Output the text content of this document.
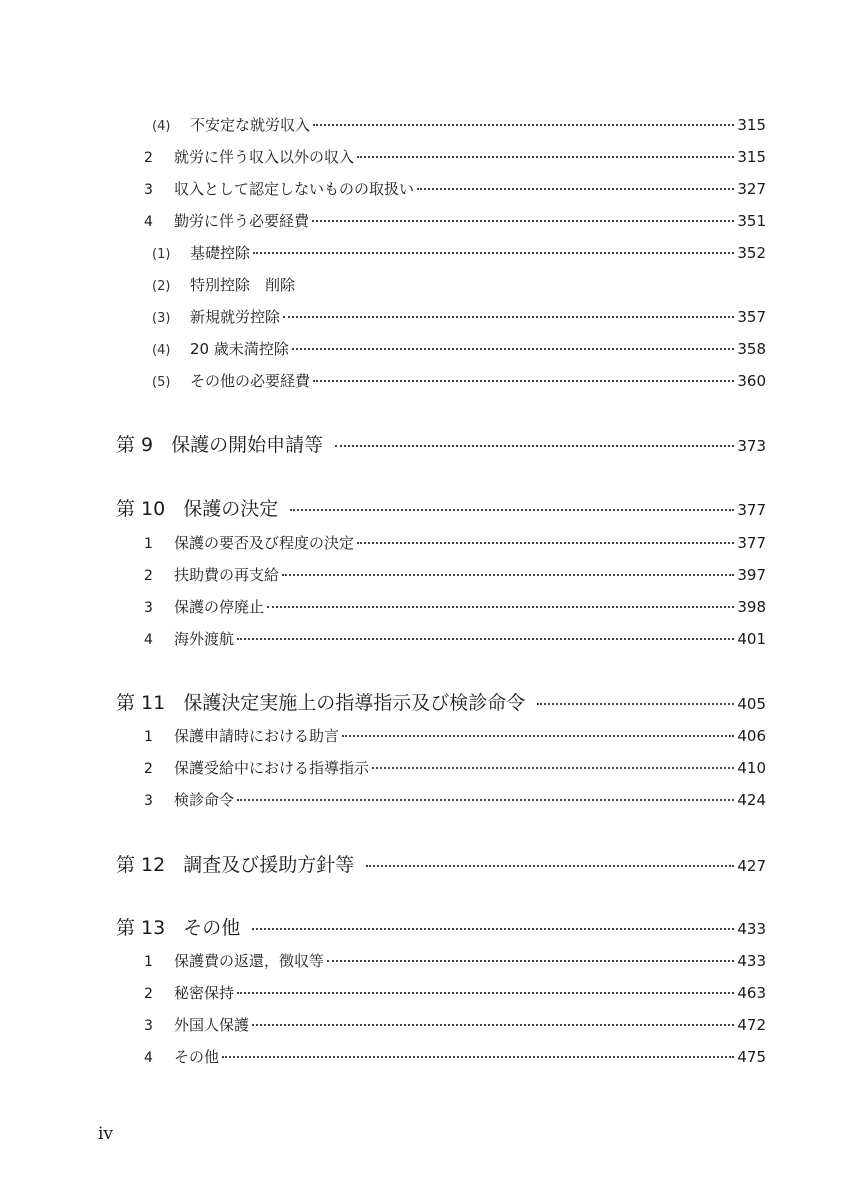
(4)	不安定な就労収入	315
2	就労に伴う収入以外の収入	315
3	収入として認定しないものの取扱い	327
4	勤労に伴う必要経費	351
(1)	基礎控除	352
(2)	特別控除　削除
(3)	新規就労控除	357
(4)	20 歳未満控除	358
(5)	その他の必要経費	360
第 9 保護の開始申請等	373
第 10 保護の決定	377
1	保護の要否及び程度の決定	377
2	扶助費の再支給	397
3	保護の停廃止	398
4	海外渡航	401
第 11 保護決定実施上の指導指示及び検診命令	405
1	保護申請時における助言	406
2	保護受給中における指導指示	410
3	検診命令	424
第 12 調査及び援助方針等	427
第 13 その他	433
1	保護費の返還，徴収等	433
2	秘密保持	463
3	外国人保護	472
4	その他	475
iv
